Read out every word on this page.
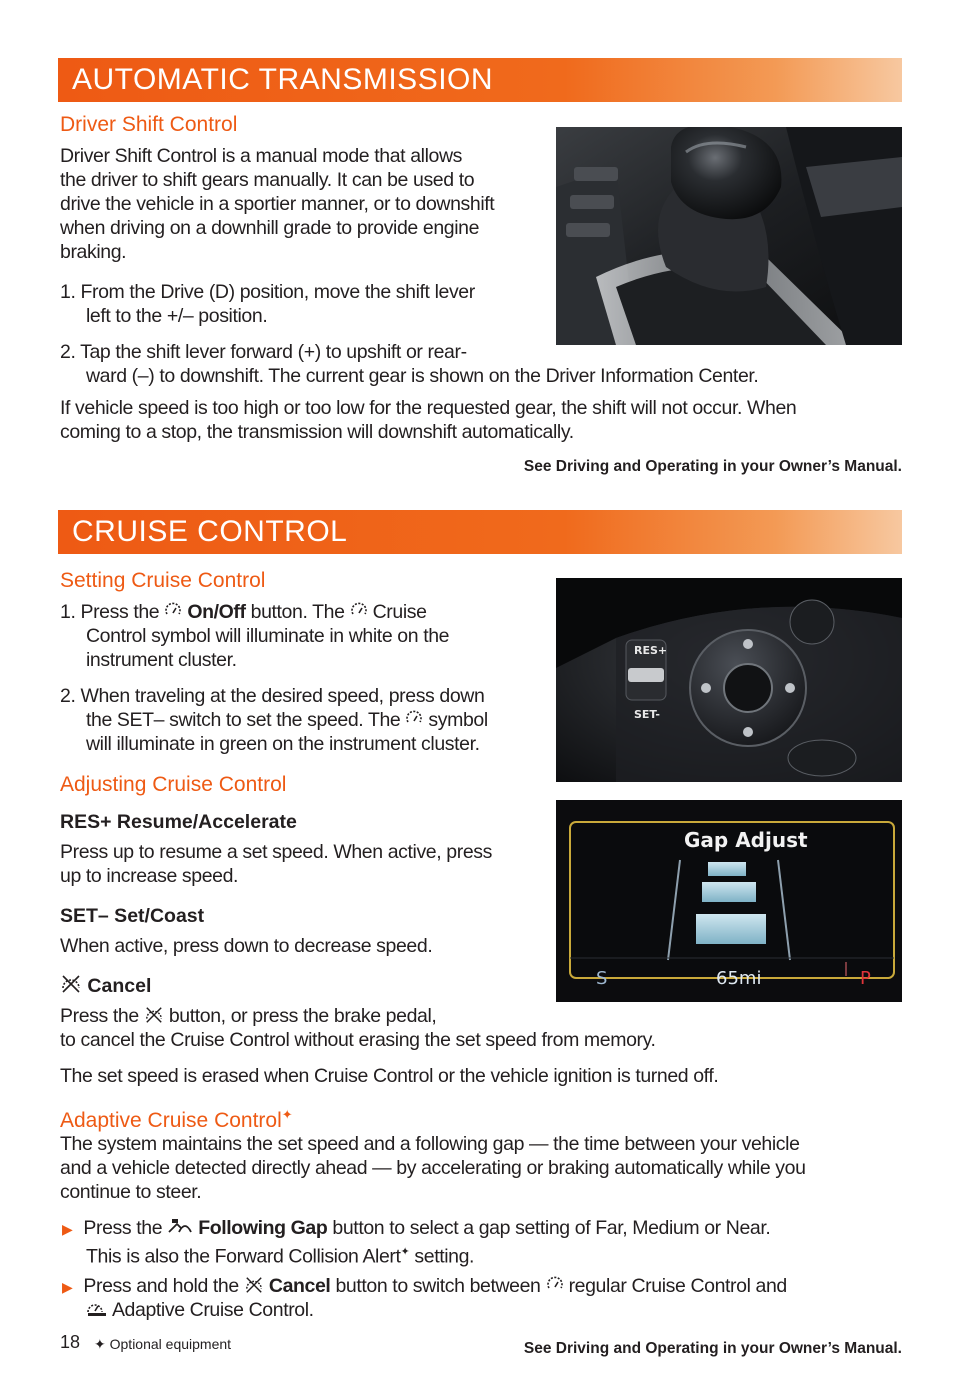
AUTOMATIC TRANSMISSION
Driver Shift Control
Driver Shift Control is a manual mode that allows
the driver to shift gears manually. It can be used to
drive the vehicle in a sportier manner, or to downshift
when driving on a downhill grade to provide engine
braking.
1. From the Drive (D) position, move the shift lever
left to the +/– position.
2. Tap the shift lever forward (+) to upshift or rear-
ward (–) to downshift. The current gear is shown on the Driver Information Center.
If vehicle speed is too high or too low for the requested gear, the shift will not occur. When
coming to a stop, the transmission will downshift automatically.
See Driving and Operating in your Owner’s Manual.
CRUISE CONTROL
Setting Cruise Control
1. Press the On/Off button. The Cruise
Control symbol will illuminate in white on the
instrument cluster.
2. When traveling at the desired speed, press down
the SET– switch to set the speed. The symbol
will illuminate in green on the instrument cluster.
Adjusting Cruise Control
RES+ Resume/Accelerate
Press up to resume a set speed. When active, press
up to increase speed.
SET– Set/Coast
When active, press down to decrease speed.
Cancel
Press the button, or press the brake pedal,
to cancel the Cruise Control without erasing the set speed from memory.
The set speed is erased when Cruise Control or the vehicle ignition is turned off.
Adaptive Cruise Control✦
The system maintains the set speed and a following gap — the time between your vehicle
and a vehicle detected directly ahead — by accelerating or braking automatically while you
continue to steer.
▶ Press the Following Gap button to select a gap setting of Far, Medium or Near.
This is also the Forward Collision Alert✦ setting.
▶ Press and hold the Cancel button to switch between regular Cruise Control and
Adaptive Cruise Control.
See Driving and Operating in your Owner’s Manual.
RES+
SET-
Gap Adjust
S	65mi	P
18 ✦ Optional equipment
